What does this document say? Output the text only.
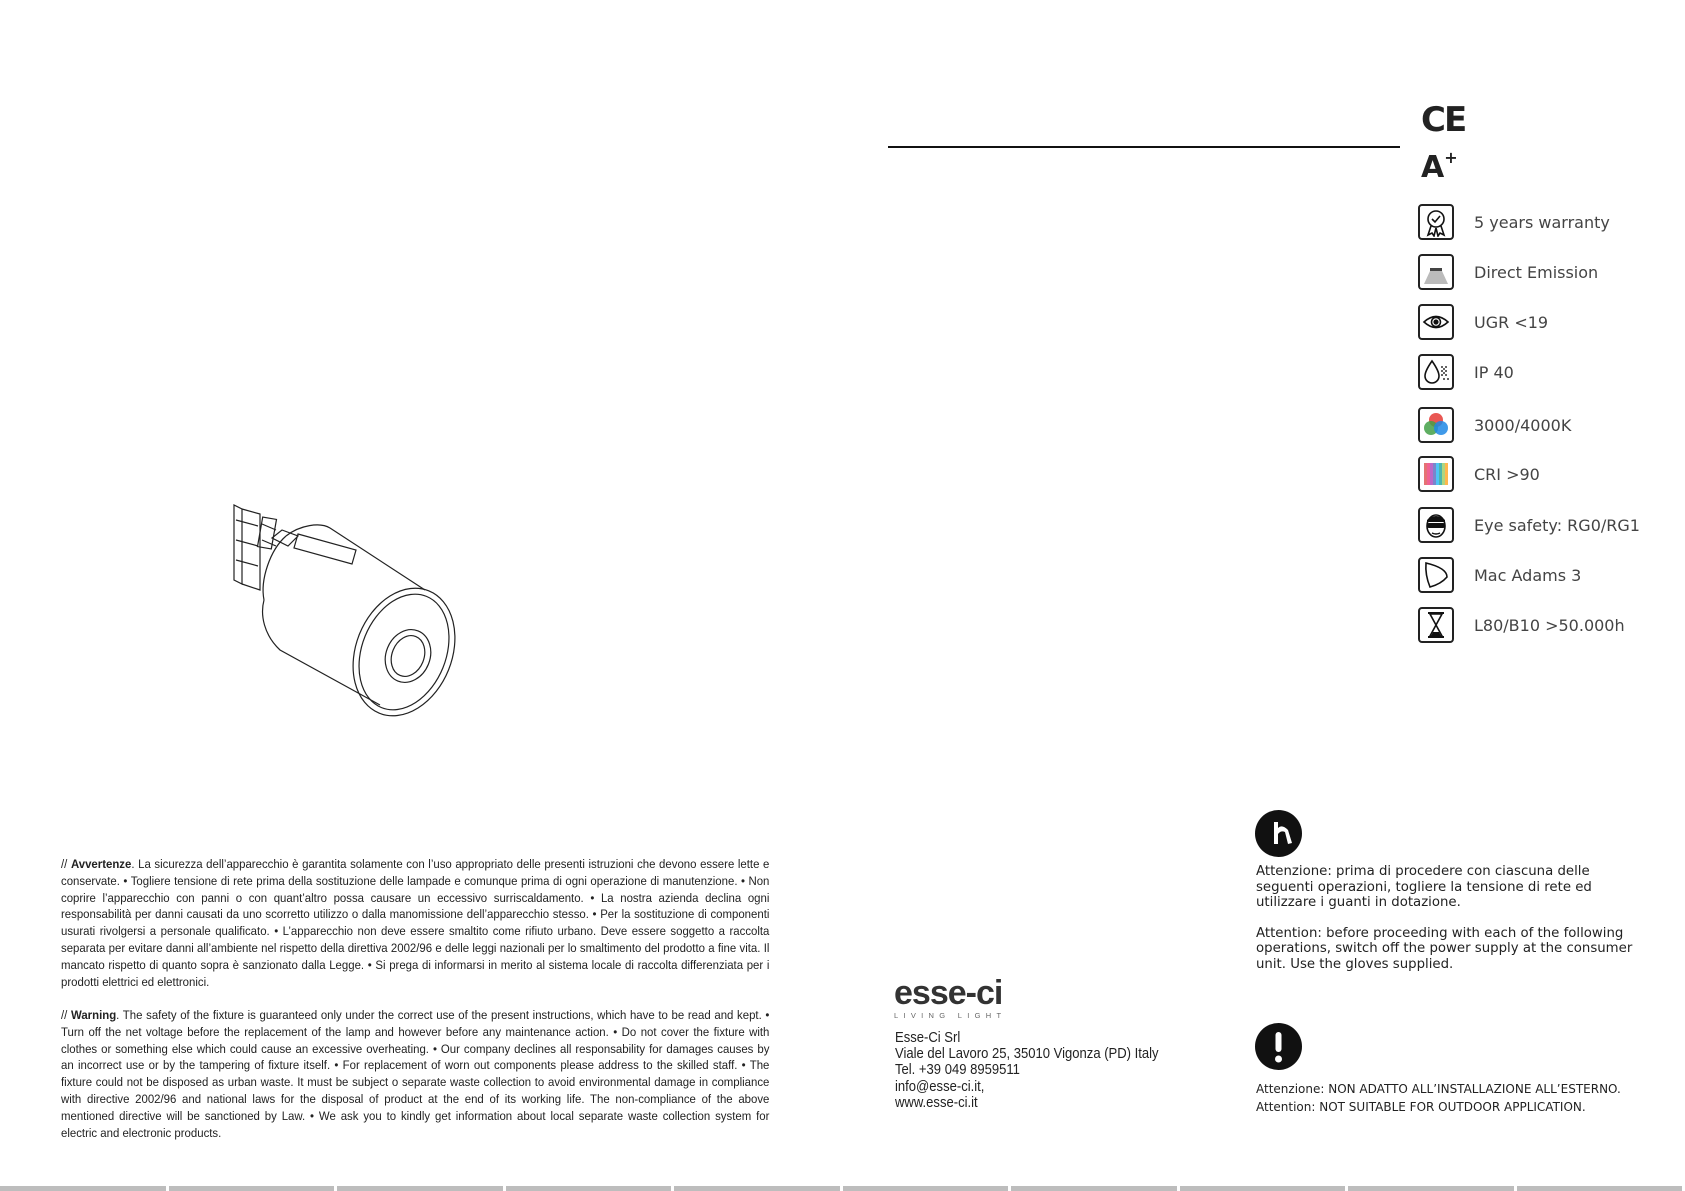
CE
A+
5 years warranty
Direct Emission
UGR <19
IP 40
3000/4000K
CRI >90
Eye safety: RG0/RG1
Mac Adams 3
L80/B10 >50.000h
// Avvertenze. La sicurezza dell’apparecchio è garantita solamente con l’uso appropriato delle presenti istruzioni che devono essere lette e conservate. • Togliere tensione di rete prima della sostituzione delle lampade e comunque prima di ogni operazione di manutenzione. • Non coprire l’apparecchio con panni o con quant’altro possa causare un eccessivo surriscaldamento. • La nostra azienda declina ogni responsabilità per danni causati da uno scorretto utilizzo o dalla manomissione dell’apparecchio stesso. • Per la sostituzione di componenti usurati rivolgersi a personale qualificato. • L’apparecchio non deve essere smaltito come rifiuto urbano. Deve essere soggetto a raccolta separata per evitare danni all’ambiente nel rispetto della direttiva 2002/96 e delle leggi nazionali per lo smaltimento del prodotto a fine vita. Il mancato rispetto di quanto sopra è sanzionato dalla Legge. • Si prega di informarsi in merito al sistema locale di raccolta differenziata per i prodotti elettrici ed elettronici.
// Warning. The safety of the fixture is guaranteed only under the correct use of the present instructions, which have to be read and kept. • Turn off the net voltage before the replacement of the lamp and however before any maintenance action. • Do not cover the fixture with clothes or something else which could cause an excessive overheating. • Our company declines all responsability for damages causes by an incorrect use or by the tampering of fixture itself. • For replacement of worn out components please address to the skilled staff. • The fixture could not be disposed as urban waste. It must be subject o separate waste collection to avoid environmental damage in compliance with directive 2002/96 and national laws for the disposal of product at the end of its working life. The non-compliance of the above mentioned directive will be sanctioned by Law. • We ask you to kindly get information about local separate waste collection system for electric and electronic products.
esse-ci
LIVING LIGHT
Esse-Ci Srl
Viale del Lavoro 25, 35010 Vigonza (PD) Italy
Tel. +39 049 8959511
info@esse-ci.it,
www.esse-ci.it

Attenzione: prima di procedere con ciascuna delle seguenti operazioni, togliere la tensione di rete ed utilizzare i guanti in dotazione.

Attention: before proceeding with each of the following operations, switch off the power supply at the consumer unit. Use the gloves supplied.

Attenzione: NON ADATTO ALL’INSTALLAZIONE ALL’ESTERNO.
Attention: NOT SUITABLE FOR OUTDOOR APPLICATION.
